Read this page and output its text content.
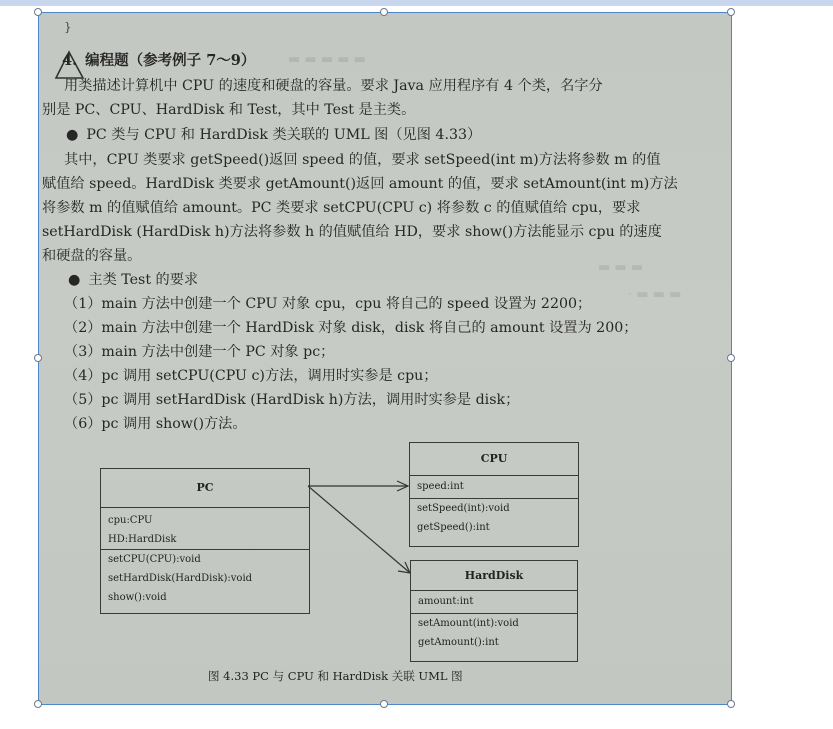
▬ ▬ ▬ ▬ ▬
▬ ▬ ▬
· ▬ ▬ ▬
}
4. 编程题（参考例子 7～9）
用类描述计算机中 CPU 的速度和硬盘的容量。要求 Java 应用程序有 4 个类，名字分
别是 PC、CPU、HardDisk 和 Test，其中 Test 是主类。
● PC 类与 CPU 和 HardDisk 类关联的 UML 图（见图 4.33）
其中，CPU 类要求 getSpeed()返回 speed 的值，要求 setSpeed(int m)方法将参数 m 的值
赋值给 speed。HardDisk 类要求 getAmount()返回 amount 的值，要求 setAmount(int m)方法
将参数 m 的值赋值给 amount。PC 类要求 setCPU(CPU c) 将参数 c 的值赋值给 cpu，要求
setHardDisk (HardDisk h)方法将参数 h 的值赋值给 HD，要求 show()方法能显示 cpu 的速度
和硬盘的容量。
● 主类 Test 的要求
（1）main 方法中创建一个 CPU 对象 cpu，cpu 将自己的 speed 设置为 2200；
（2）main 方法中创建一个 HardDisk 对象 disk，disk 将自己的 amount 设置为 200；
（3）main 方法中创建一个 PC 对象 pc；
（4）pc 调用 setCPU(CPU c)方法，调用时实参是 cpu；
（5）pc 调用 setHardDisk (HardDisk h)方法，调用时实参是 disk；
（6）pc 调用 show()方法。
PC
cpu:CPU
HD:HardDisk
setCPU(CPU):void
setHardDisk(HardDisk):void
show():void
CPU
speed:int
setSpeed(int):void
getSpeed():int
HardDisk
amount:int
setAmount(int):void
getAmount():int
图 4.33 PC 与 CPU 和 HardDisk 关联 UML 图
